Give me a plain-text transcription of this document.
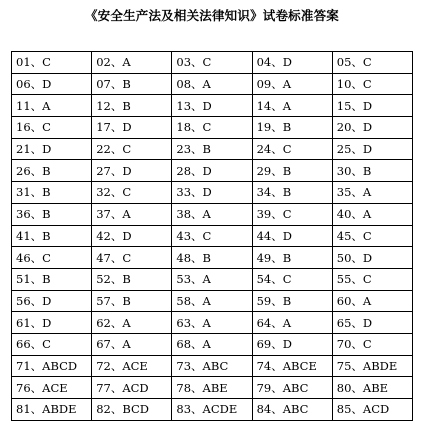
《安全生产法及相关法律知识》试卷标准答案
01、C	02、A	03、C	04、D	05、C
06、D	07、B	08、A	09、A	10、C
11、A	12、B	13、D	14、A	15、D
16、C	17、D	18、C	19、B	20、D
21、D	22、C	23、B	24、C	25、D
26、B	27、D	28、D	29、B	30、B
31、B	32、C	33、D	34、B	35、A
36、B	37、A	38、A	39、C	40、A
41、B	42、D	43、C	44、D	45、C
46、C	47、C	48、B	49、B	50、D
51、B	52、B	53、A	54、C	55、C
56、D	57、B	58、A	59、B	60、A
61、D	62、A	63、A	64、A	65、D
66、C	67、A	68、A	69、D	70、C
71、ABCD	72、ACE	73、ABC	74、ABCE	75、ABDE
76、ACE	77、ACD	78、ABE	79、ABC	80、ABE
81、ABDE	82、BCD	83、ACDE	84、ABC	85、ACD
